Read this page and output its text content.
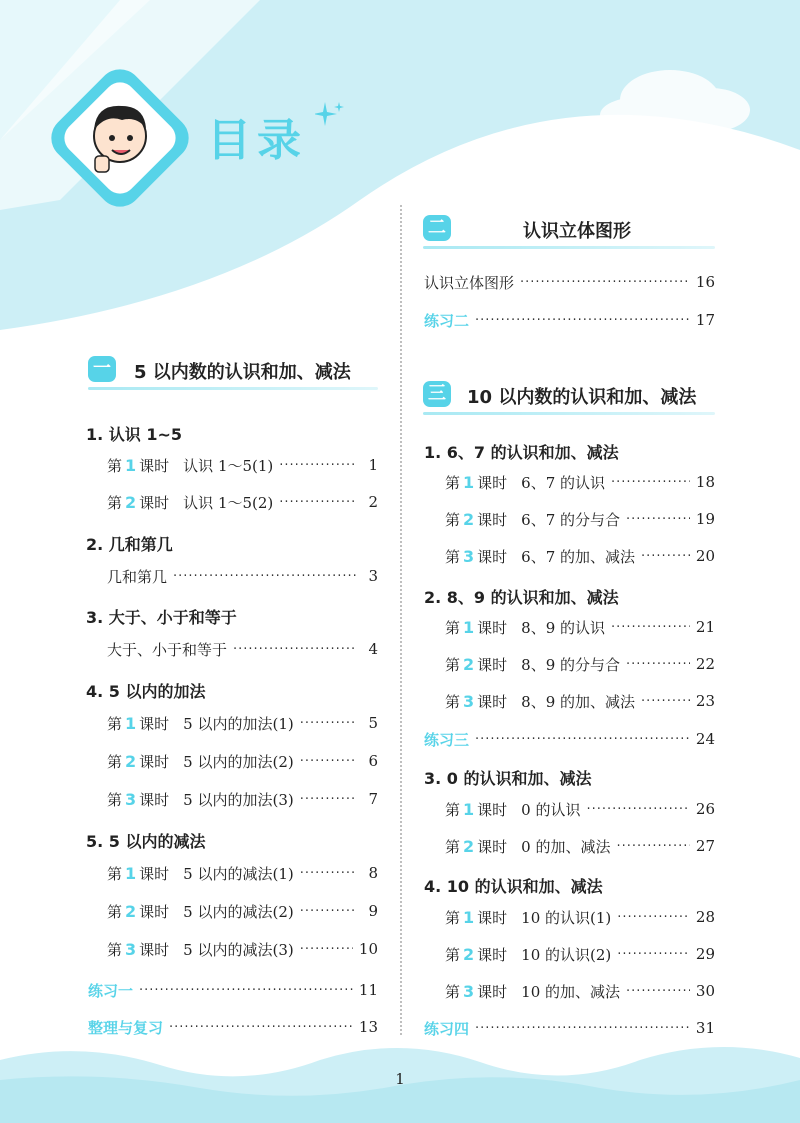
目录
一 5 以内数的认识和加、减法
1. 认识 1~5
第 1 课时 认识 1～5(1) ·····	1
第 2 课时 认识 1～5(2) ·····	2
2. 几和第几
几和第几 ·····	3
3. 大于、小于和等于
大于、小于和等于 ·····	4
4. 5 以内的加法
第 1 课时 5 以内的加法(1) ·····	5
第 2 课时 5 以内的加法(2) ·····	6
第 3 课时 5 以内的加法(3) ·····	7
5. 5 以内的减法
第 1 课时 5 以内的减法(1) ·····	8
第 2 课时 5 以内的减法(2) ·····	9
第 3 课时 5 以内的减法(3) ·····	10
练习一 ·····	11
整理与复习 ·····	13
二	认识立体图形
认识立体图形 ·····	16
练习二 ·····	17
三 10 以内数的认识和加、减法
1. 6、7 的认识和加、减法
第 1 课时 6、7 的认识 ·····	18
第 2 课时 6、7 的分与合 ·····	19
第 3 课时 6、7 的加、减法 ·····	20
2. 8、9 的认识和加、减法
第 1 课时 8、9 的认识 ·····	21
第 2 课时 8、9 的分与合 ·····	22
第 3 课时 8、9 的加、减法 ·····	23
练习三 ·····	24
3. 0 的认识和加、减法
第 1 课时 0 的认识 ·····	26
第 2 课时 0 的加、减法 ·····	27
4. 10 的认识和加、减法
第 1 课时 10 的认识(1) ·····	28
第 2 课时 10 的认识(2) ·····	29
第 3 课时 10 的加、减法 ·····	30
练习四 ·····	31
1
